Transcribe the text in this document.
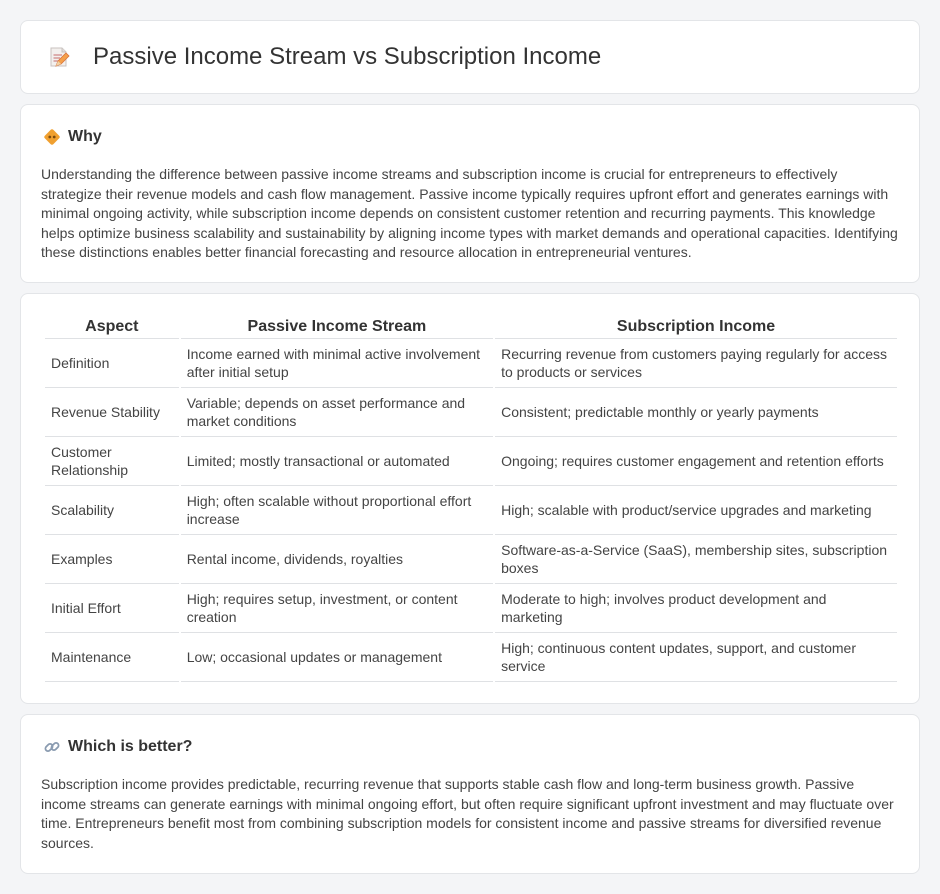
Passive Income Stream vs Subscription Income
Why

Understanding the difference between passive income streams and subscription income is crucial for entrepreneurs to effectively strategize their revenue models and cash flow management. Passive income typically requires upfront effort and generates earnings with minimal ongoing activity, while subscription income depends on consistent customer retention and recurring payments. This knowledge helps optimize business scalability and sustainability by aligning income types with market demands and operational capacities. Identifying these distinctions enables better financial forecasting and resource allocation in entrepreneurial ventures.

Aspect	Passive Income Stream	Subscription Income
Definition	Income earned with minimal active involvement after initial setup	Recurring revenue from customers paying regularly for access to products or services
Revenue Stability	Variable; depends on asset performance and market conditions	Consistent; predictable monthly or yearly payments
Customer Relationship	Limited; mostly transactional or automated	Ongoing; requires customer engagement and retention efforts
Scalability	High; often scalable without proportional effort increase	High; scalable with product/service upgrades and marketing
Examples	Rental income, dividends, royalties	Software-as-a-Service (SaaS), membership sites, subscription boxes
Initial Effort	High; requires setup, investment, or content creation	Moderate to high; involves product development and marketing
Maintenance	Low; occasional updates or management	High; continuous content updates, support, and customer service
Which is better?

Subscription income provides predictable, recurring revenue that supports stable cash flow and long-term business growth. Passive income streams can generate earnings with minimal ongoing effort, but often require significant upfront investment and may fluctuate over time. Entrepreneurs benefit most from combining subscription models for consistent income and passive streams for diversified revenue sources.
